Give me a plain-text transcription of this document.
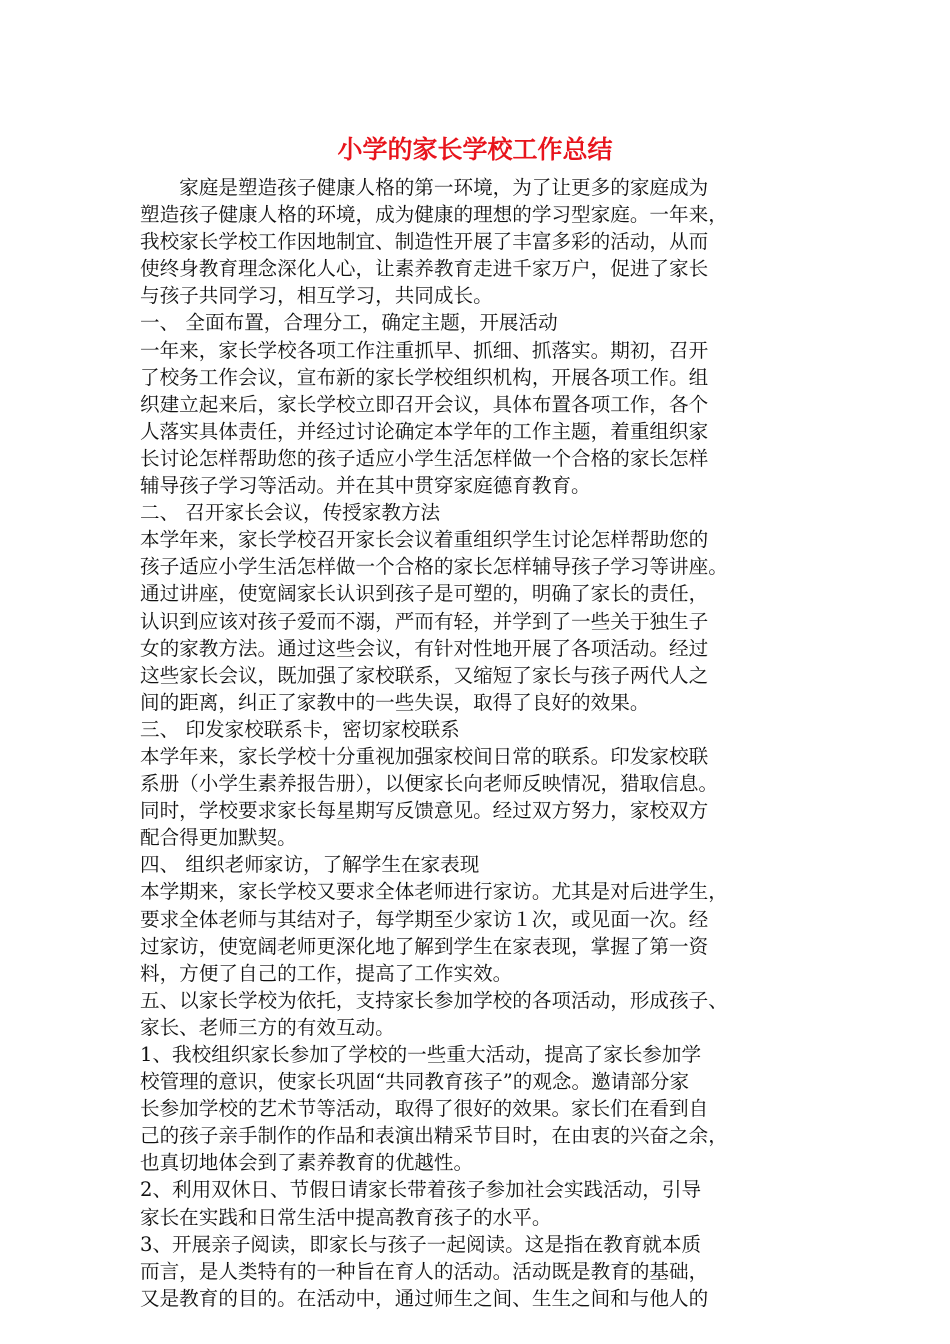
小学的家长学校工作总结
　　家庭是塑造孩子健康人格的第一环境，为了让更多的家庭成为
塑造孩子健康人格的环境，成为健康的理想的学习型家庭。一年来，
我校家长学校工作因地制宜、制造性开展了丰富多彩的活动，从而
使终身教育理念深化人心，让素养教育走进千家万户，促进了家长
与孩子共同学习，相互学习，共同成长。
一、 全面布置，合理分工，确定主题，开展活动
一年来，家长学校各项工作注重抓早、抓细、抓落实。期初，召开
了校务工作会议，宣布新的家长学校组织机构，开展各项工作。组
织建立起来后，家长学校立即召开会议，具体布置各项工作，各个
人落实具体责任，并经过讨论确定本学年的工作主题，着重组织家
长讨论怎样帮助您的孩子适应小学生活怎样做一个合格的家长怎样
辅导孩子学习等活动。并在其中贯穿家庭德育教育。
二、 召开家长会议，传授家教方法
本学年来，家长学校召开家长会议着重组织学生讨论怎样帮助您的
孩子适应小学生活怎样做一个合格的家长怎样辅导孩子学习等讲座。
通过讲座，使宽阔家长认识到孩子是可塑的，明确了家长的责任，
认识到应该对孩子爱而不溺，严而有轻，并学到了一些关于独生子
女的家教方法。通过这些会议，有针对性地开展了各项活动。经过
这些家长会议，既加强了家校联系，又缩短了家长与孩子两代人之
间的距离，纠正了家教中的一些失误，取得了良好的效果。
三、 印发家校联系卡，密切家校联系
本学年来，家长学校十分重视加强家校间日常的联系。印发家校联
系册（小学生素养报告册），以便家长向老师反映情况，猎取信息。
同时，学校要求家长每星期写反馈意见。经过双方努力，家校双方
配合得更加默契。
四、 组织老师家访，了解学生在家表现
本学期来，家长学校又要求全体老师进行家访。尤其是对后进学生，
要求全体老师与其结对子，每学期至少家访１次，或见面一次。经
过家访，使宽阔老师更深化地了解到学生在家表现，掌握了第一资
料，方便了自己的工作，提高了工作实效。
五、以家长学校为依托，支持家长参加学校的各项活动，形成孩子、
家长、老师三方的有效互动。
1、我校组织家长参加了学校的一些重大活动，提高了家长参加学
校管理的意识，使家长巩固“共同教育孩子”的观念。邀请部分家
长参加学校的艺术节等活动，取得了很好的效果。家长们在看到自
己的孩子亲手制作的作品和表演出精采节目时，在由衷的兴奋之余，
也真切地体会到了素养教育的优越性。
2、利用双休日、节假日请家长带着孩子参加社会实践活动，引导
家长在实践和日常生活中提高教育孩子的水平。
3、开展亲子阅读，即家长与孩子一起阅读。这是指在教育就本质
而言，是人类特有的一种旨在育人的活动。活动既是教育的基础，
又是教育的目的。在活动中，通过师生之间、生生之间和与他人的
